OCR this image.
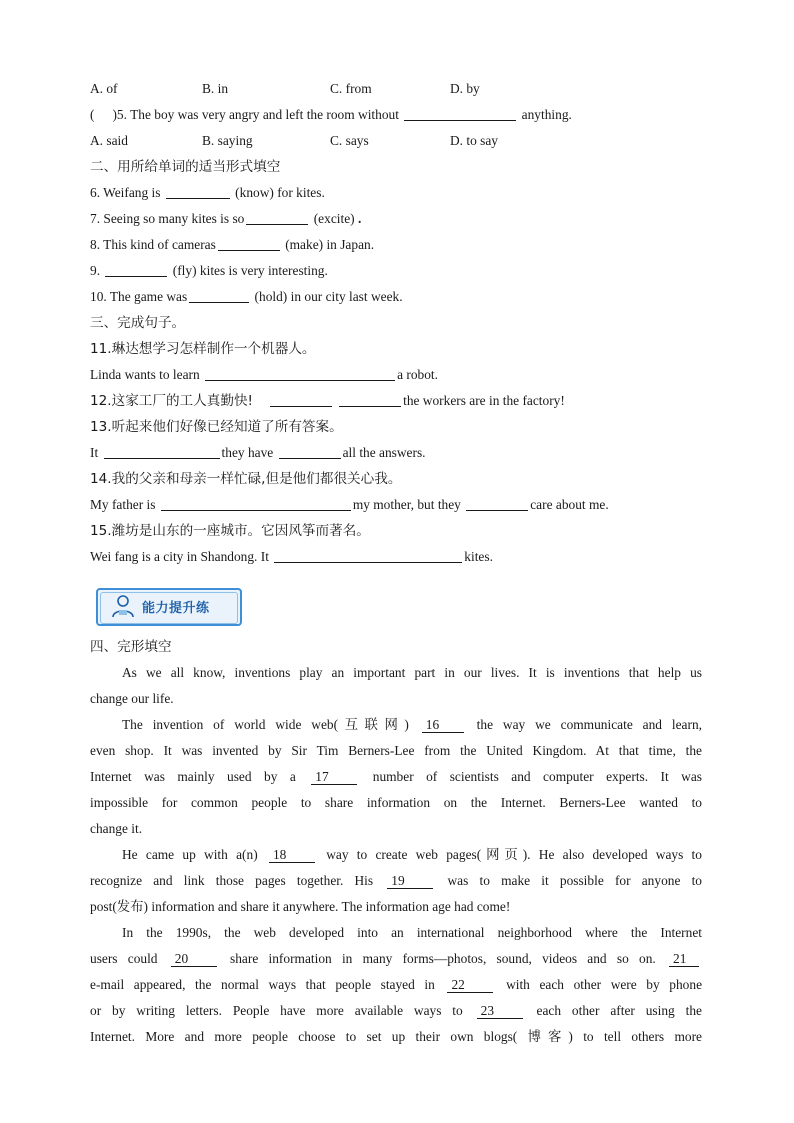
A. of	B. in	C. from	D. by
( )5. The boy was very angry and left the room without	anything.
A. said	B. saying	C. says	D. to say
二、用所给单词的适当形式填空
6. Weifang is	(know) for kites.
7. Seeing so many kites is so	(excite) .
8. This kind of cameras	(make) in Japan.
9.	(fly) kites is very interesting.
10. The game was	(hold) in our city last week.
三、完成句子。
11.琳达想学习怎样制作一个机器人。
Linda wants to learn	a robot.
12.这家工厂的工人真勤快!	the workers are in the factory!
13.听起来他们好像已经知道了所有答案。
It	they have	all the answers.
14.我的父亲和母亲一样忙碌,但是他们都很关心我。
My father is	my mother, but they	care about me.
15.潍坊是山东的一座城市。它因风筝而著名。
Wei fang is a city in Shandong. It	kites.
能力提升练
四、完形填空
As we all know, inventions play an important part in our lives. It is inventions that help us
change our life.
The invention of world wide web(互联网) 16	the way we communicate and learn,
even shop. It was invented by Sir Tim Berners-Lee from the United Kingdom. At that time, the
Internet was mainly used by a 17	number of scientists and computer experts. It was
impossible for common people to share information on the Internet. Berners-Lee wanted to
change it.
He came up with a(n) 18	way to create web pages(网页). He also developed ways to
recognize and link those pages together. His 19	was to make it possible for anyone to
post(发布) information and share it anywhere. The information age had come!
In the 1990s, the web developed into an international neighborhood where the Internet
users could 20	share information in many forms—photos, sound, videos and so on. 21
e-mail appeared, the normal ways that people stayed in 22	with each other were by phone
or by writing letters. People have more available ways to 23	each other after using the
Internet. More and more people choose to set up their own blogs( 博客) to tell others more
